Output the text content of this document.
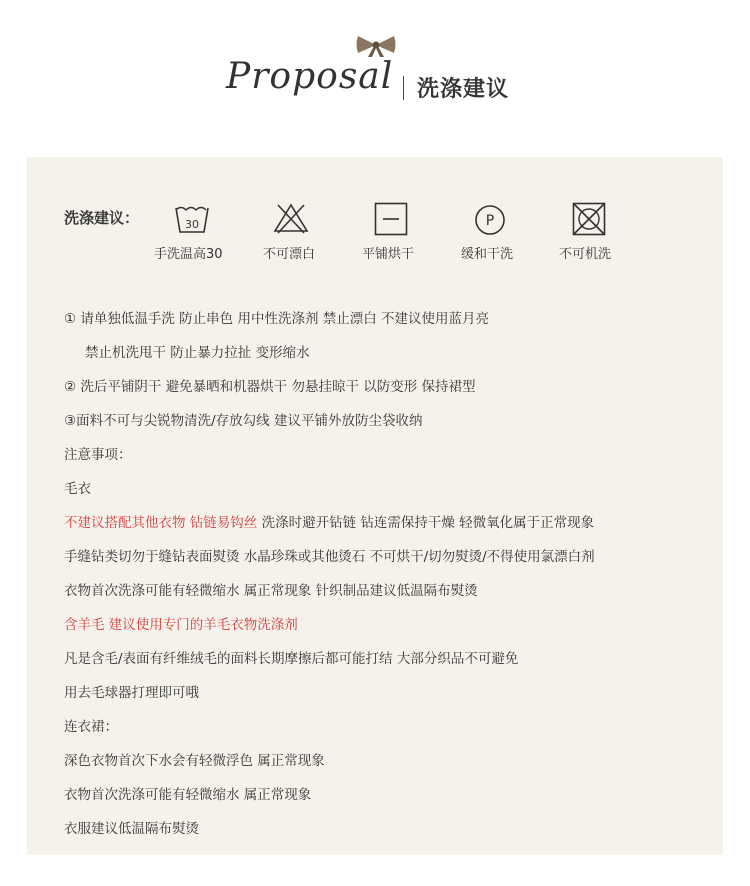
Proposal 洗涤建议
洗涤建议：	30
手洗温高30	不可漂白	平铺烘干
P
缓和干洗	不可机洗
① 请单独低温手洗 防止串色 用中性洗涤剂 禁止漂白 不建议使用蓝月亮
禁止机洗甩干 防止暴力拉扯 变形缩水
② 洗后平铺阴干 避免暴晒和机器烘干 勿悬挂晾干 以防变形 保持裙型
③面料不可与尖锐物清洗/存放勾线 建议平铺外放防尘袋收纳
注意事项：
毛衣
不建议搭配其他衣物 钻链易钩丝 洗涤时避开钻链 钻连需保持干燥 轻微氧化属于正常现象
手缝钻类切勿于缝钻表面熨烫 水晶珍珠或其他烫石 不可烘干/切勿熨烫/不得使用氯漂白剂
衣物首次洗涤可能有轻微缩水 属正常现象 针织制品建议低温隔布熨烫
含羊毛 建议使用专门的羊毛衣物洗涤剂
凡是含毛/表面有纤维绒毛的面料长期摩擦后都可能打结 大部分织品不可避免
用去毛球器打理即可哦
连衣裙：
深色衣物首次下水会有轻微浮色 属正常现象
衣物首次洗涤可能有轻微缩水 属正常现象
衣服建议低温隔布熨烫
